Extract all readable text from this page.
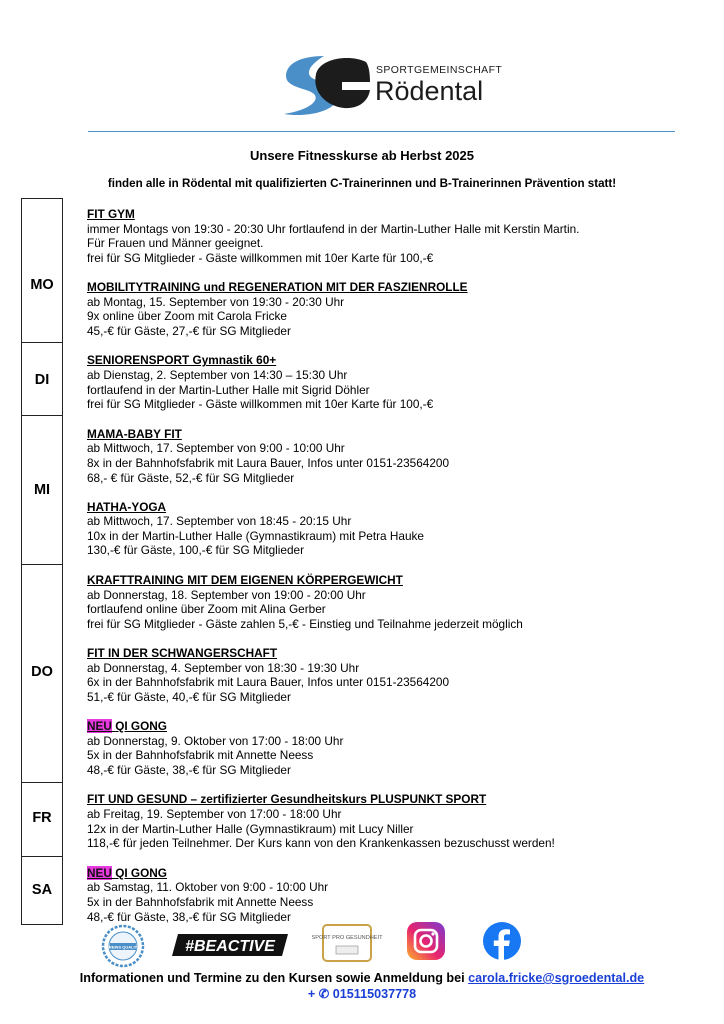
SPORTGEMEINSCHAFT
Rödental
Unsere Fitnesskurse ab Herbst 2025
finden alle in Rödental mit qualifizierten C-Trainerinnen und B-Trainerinnen Prävention statt!
MO
DI
MI
DO
FR
SA
FIT GYM
immer Montags von 19:30 - 20:30 Uhr fortlaufend in der Martin-Luther Halle mit Kerstin Martin.
Für Frauen und Männer geeignet.
frei für SG Mitglieder - Gäste willkommen mit 10er Karte für 100,-€
MOBILITYTRAINING und REGENERATION MIT DER FASZIENROLLE
ab Montag, 15. September von 19:30 - 20:30 Uhr
9x online über Zoom mit Carola Fricke
45,-€ für Gäste, 27,-€ für SG Mitglieder
SENIORENSPORT Gymnastik 60+
ab Dienstag, 2. September von 14:30 – 15:30 Uhr
fortlaufend in der Martin-Luther Halle mit Sigrid Döhler
frei für SG Mitglieder - Gäste willkommen mit 10er Karte für 100,-€
MAMA-BABY FIT
ab Mittwoch, 17. September von 9:00 - 10:00 Uhr
8x in der Bahnhofsfabrik mit Laura Bauer, Infos unter 0151-23564200
68,- € für Gäste, 52,-€ für SG Mitglieder
HATHA-YOGA
ab Mittwoch, 17. September von 18:45 - 20:15 Uhr
10x in der Martin-Luther Halle (Gymnastikraum) mit Petra Hauke
130,-€ für Gäste, 100,-€ für SG Mitglieder
KRAFTTRAINING MIT DEM EIGENEN KÖRPERGEWICHT
ab Donnerstag, 18. September von 19:00 - 20:00 Uhr
fortlaufend online über Zoom mit Alina Gerber
frei für SG Mitglieder - Gäste zahlen 5,-€ - Einstieg und Teilnahme jederzeit möglich
FIT IN DER SCHWANGERSCHAFT
ab Donnerstag, 4. September von 18:30 - 19:30 Uhr
6x in der Bahnhofsfabrik mit Laura Bauer, Infos unter 0151-23564200
51,-€ für Gäste, 40,-€ für SG Mitglieder
NEU QI GONG
ab Donnerstag, 9. Oktober von 17:00 - 18:00 Uhr
5x in der Bahnhofsfabrik mit Annette Neess
48,-€ für Gäste, 38,-€ für SG Mitglieder
FIT UND GESUND – zertifizierter Gesundheitskurs PLUSPUNKT SPORT
ab Freitag, 19. September von 17:00 - 18:00 Uhr
12x in der Martin-Luther Halle (Gymnastikraum) mit Lucy Niller
118,-€ für jeden Teilnehmer. Der Kurs kann von den Krankenkassen bezuschusst werden!
NEU QI GONG
ab Samstag, 11. Oktober von 9:00 - 10:00 Uhr
5x in der Bahnhofsfabrik mit Annette Neess
48,-€ für Gäste, 38,-€ für SG Mitglieder
VEREINS QUALITÄT	#BEACTIVE	SPORT PRO GESUNDHEIT
Informationen und Termine zu den Kursen sowie Anmeldung bei carola.fricke@sgroedental.de
+ ✆ 015115037778
